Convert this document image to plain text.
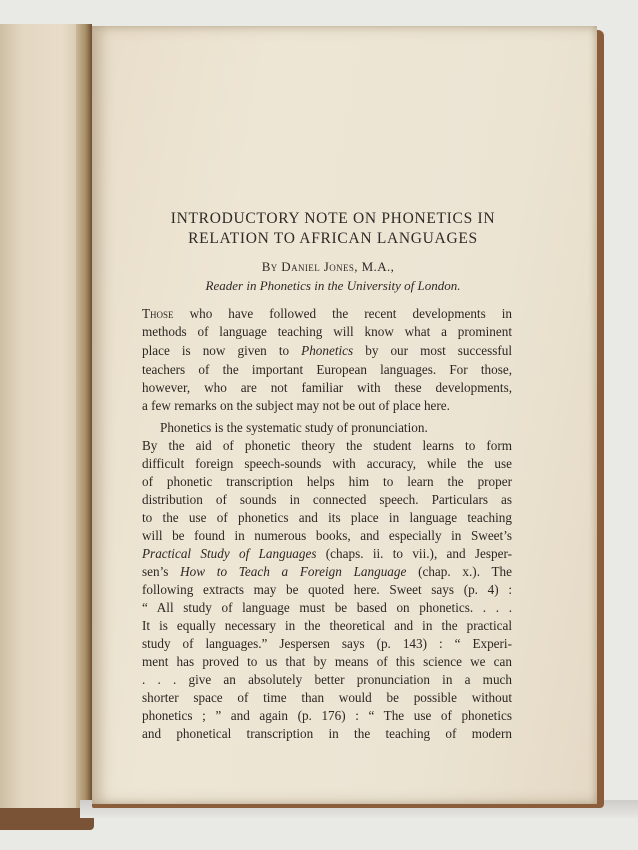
INTRODUCTORY NOTE ON PHONETICS IN
RELATION TO AFRICAN LANGUAGES
By Daniel Jones, M.A.,
Reader in Phonetics in the University of London.
Those who have followed the recent developments in
methods of language teaching will know what a prominent
place is now given to Phonetics by our most successful
teachers of the important European languages. For those,
however, who are not familiar with these developments,
a few remarks on the subject may not be out of place here.
Phonetics is the systematic study of pronunciation.
By the aid of phonetic theory the student learns to form
difficult foreign speech-sounds with accuracy, while the use
of phonetic transcription helps him to learn the proper
distribution of sounds in connected speech. Particulars as
to the use of phonetics and its place in language teaching
will be found in numerous books, and especially in Sweet’s
Practical Study of Languages (chaps. ii. to vii.), and Jesper-
sen’s How to Teach a Foreign Language (chap. x.). The
following extracts may be quoted here. Sweet says (p. 4) :
“ All study of language must be based on phonetics. . . .
It is equally necessary in the theoretical and in the practical
study of languages.” Jespersen says (p. 143) : “ Experi-
ment has proved to us that by means of this science we can
. . . give an absolutely better pronunciation in a much
shorter space of time than would be possible without
phonetics ; ” and again (p. 176) : “ The use of phonetics
and phonetical transcription in the teaching of modern
